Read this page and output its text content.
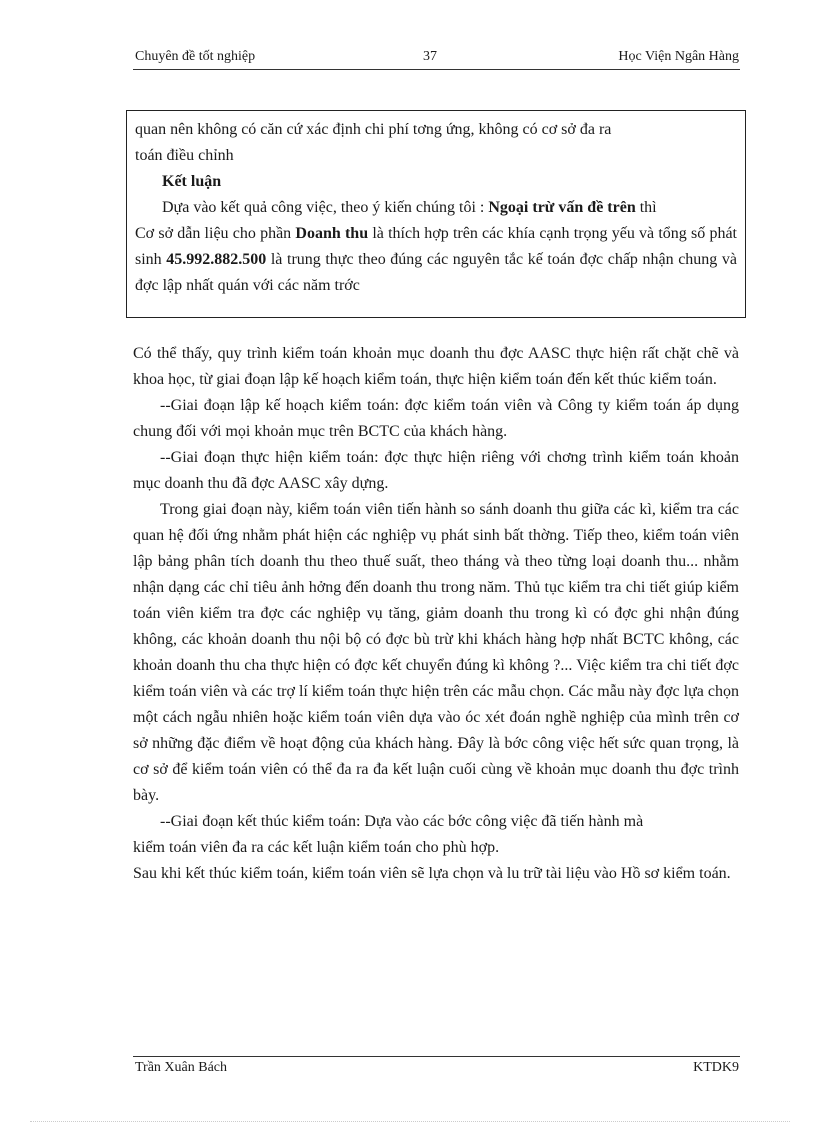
Chuyên đề tốt nghiệp	37	Học Viện Ngân Hàng

quan nên không có căn cứ xác định chi phí tơng ứng, không có cơ sở đa ra

toán điều chỉnh

Kết luận

Dựa vào kết quả công việc, theo ý kiến chúng tôi : Ngoại trừ vấn đề trên thì

Cơ sở dẫn liệu cho phần Doanh thu là thích hợp trên các khía cạnh trọng yếu và tổng số phát sinh 45.992.882.500 là trung thực theo đúng các nguyên tắc kế toán đợc chấp nhận chung và đợc lập nhất quán với các năm trớc

Có thể thấy, quy trình kiểm toán khoản mục doanh thu đợc AASC thực hiện rất chặt chẽ và khoa học, từ giai đoạn lập kế hoạch kiểm toán, thực hiện kiểm toán đến kết thúc kiểm toán.

--Giai đoạn lập kế hoạch kiểm toán: đợc kiểm toán viên và Công ty kiểm toán áp dụng chung đối với mọi khoản mục trên BCTC của khách hàng.

--Giai đoạn thực hiện kiểm toán: đợc thực hiện riêng với chơng trình kiểm toán khoản mục doanh thu đã đợc AASC xây dựng.

Trong giai đoạn này, kiểm toán viên tiến hành so sánh doanh thu giữa các kì, kiểm tra các quan hệ đối ứng nhằm phát hiện các nghiệp vụ phát sinh bất thờng. Tiếp theo, kiểm toán viên lập bảng phân tích doanh thu theo thuế suất, theo tháng và theo từng loại doanh thu... nhằm nhận dạng các chỉ tiêu ảnh hởng đến doanh thu trong năm. Thủ tục kiểm tra chi tiết giúp kiểm toán viên kiểm tra đợc các nghiệp vụ tăng, giảm doanh thu trong kì có đợc ghi nhận đúng không, các khoản doanh thu nội bộ có đợc bù trừ khi khách hàng hợp nhất BCTC không, các khoản doanh thu cha thực hiện có đợc kết chuyển đúng kì không ?... Việc kiểm tra chi tiết đợc kiểm toán viên và các trợ lí kiểm toán thực hiện trên các mẫu chọn. Các mẫu này đợc lựa chọn một cách ngẫu nhiên hoặc kiểm toán viên dựa vào óc xét đoán nghề nghiệp của mình trên cơ sở những đặc điểm về hoạt động của khách hàng. Đây là bớc công việc hết sức quan trọng, là cơ sở để kiểm toán viên có thể đa ra đa kết luận cuối cùng về khoản mục doanh thu đợc trình bày.

--Giai đoạn kết thúc kiểm toán: Dựa vào các bớc công việc đã tiến hành mà

kiểm toán viên đa ra các kết luận kiểm toán cho phù hợp.

Sau khi kết thúc kiểm toán, kiểm toán viên sẽ lựa chọn và lu trữ tài liệu vào Hồ sơ kiểm toán.

Trần Xuân Bách	KTDK9
